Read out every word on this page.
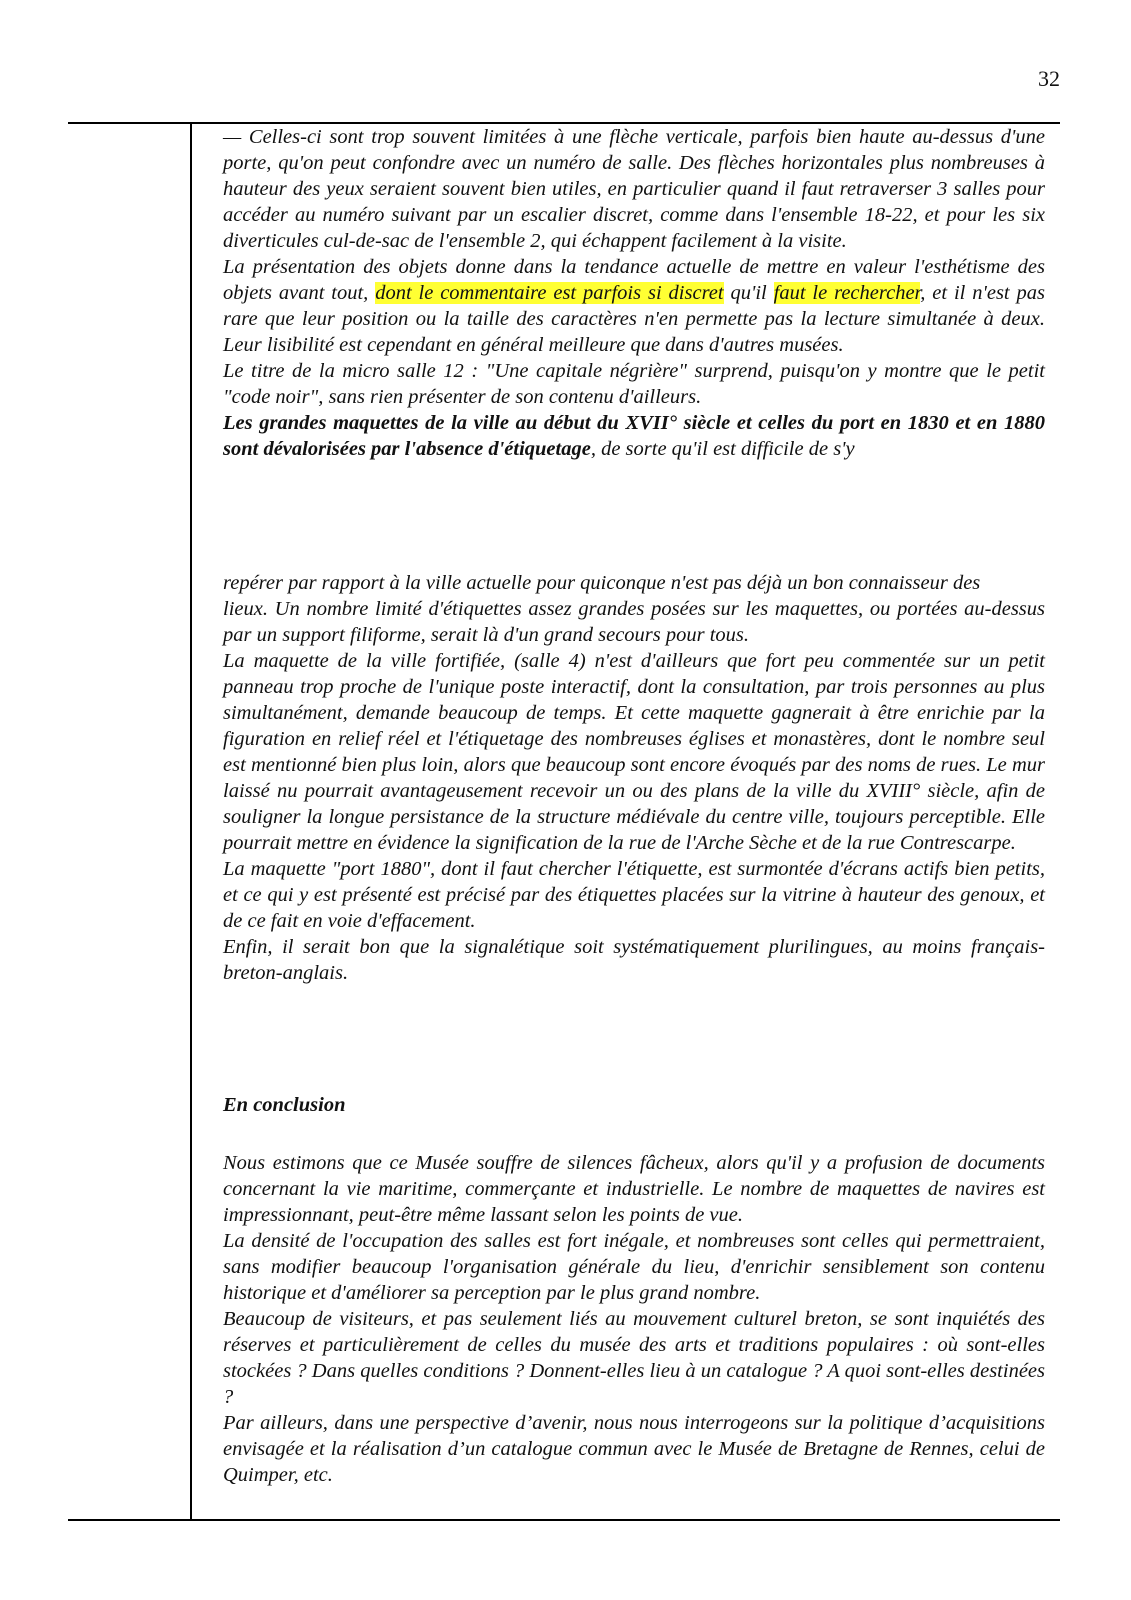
32

— Celles-ci sont trop souvent limitées à une flèche verticale, parfois bien haute au-dessus d'une porte, qu'on peut confondre avec un numéro de salle. Des flèches horizontales plus nombreuses à hauteur des yeux seraient souvent bien utiles, en particulier quand il faut retraverser 3 salles pour accéder au numéro suivant par un escalier discret, comme dans l'ensemble 18-22, et pour les six diverticules cul-de-sac de l'ensemble 2, qui échappent facilement à la visite.

La présentation des objets donne dans la tendance actuelle de mettre en valeur l'esthétisme des objets avant tout, dont le commentaire est parfois si discret qu'il faut le rechercher, et il n'est pas rare que leur position ou la taille des caractères n'en permette pas la lecture simultanée à deux. Leur lisibilité est cependant en général meilleure que dans d'autres musées.

Le titre de la micro salle 12 : "Une capitale négrière" surprend, puisqu'on y montre que le petit "code noir", sans rien présenter de son contenu d'ailleurs.

Les grandes maquettes de la ville au début du XVII° siècle et celles du port en 1830 et en 1880 sont dévalorisées par l'absence d'étiquetage, de sorte qu'il est difficile de s'y

repérer par rapport à la ville actuelle pour quiconque n'est pas déjà un bon connaisseur des

lieux. Un nombre limité d'étiquettes assez grandes posées sur les maquettes, ou portées au-dessus par un support filiforme, serait là d'un grand secours pour tous.

La maquette de la ville fortifiée, (salle 4) n'est d'ailleurs que fort peu commentée sur un petit panneau trop proche de l'unique poste interactif, dont la consultation, par trois personnes au plus simultanément, demande beaucoup de temps. Et cette maquette gagnerait à être enrichie par la figuration en relief réel et l'étiquetage des nombreuses églises et monastères, dont le nombre seul est mentionné bien plus loin, alors que beaucoup sont encore évoqués par des noms de rues. Le mur laissé nu pourrait avantageusement recevoir un ou des plans de la ville du XVIII° siècle, afin de souligner la longue persistance de la structure médiévale du centre ville, toujours perceptible. Elle pourrait mettre en évidence la signification de la rue de l'Arche Sèche et de la rue Contrescarpe.

La maquette "port 1880", dont il faut chercher l'étiquette, est surmontée d'écrans actifs bien petits, et ce qui y est présenté est précisé par des étiquettes placées sur la vitrine à hauteur des genoux, et de ce fait en voie d'effacement.

Enfin, il serait bon que la signalétique soit systématiquement plurilingues, au moins français-breton-anglais.

En conclusion

Nous estimons que ce Musée souffre de silences fâcheux, alors qu'il y a profusion de documents concernant la vie maritime, commerçante et industrielle. Le nombre de maquettes de navires est impressionnant, peut-être même lassant selon les points de vue.

La densité de l'occupation des salles est fort inégale, et nombreuses sont celles qui permettraient, sans modifier beaucoup l'organisation générale du lieu, d'enrichir sensiblement son contenu historique et d'améliorer sa perception par le plus grand nombre.

Beaucoup de visiteurs, et pas seulement liés au mouvement culturel breton, se sont inquiétés des réserves et particulièrement de celles du musée des arts et traditions populaires : où sont-elles stockées ? Dans quelles conditions ? Donnent-elles lieu à un catalogue ? A quoi sont-elles destinées ?

Par ailleurs, dans une perspective d’avenir, nous nous interrogeons sur la politique d’acquisitions envisagée et la réalisation d’un catalogue commun avec le Musée de Bretagne de Rennes, celui de Quimper, etc.
